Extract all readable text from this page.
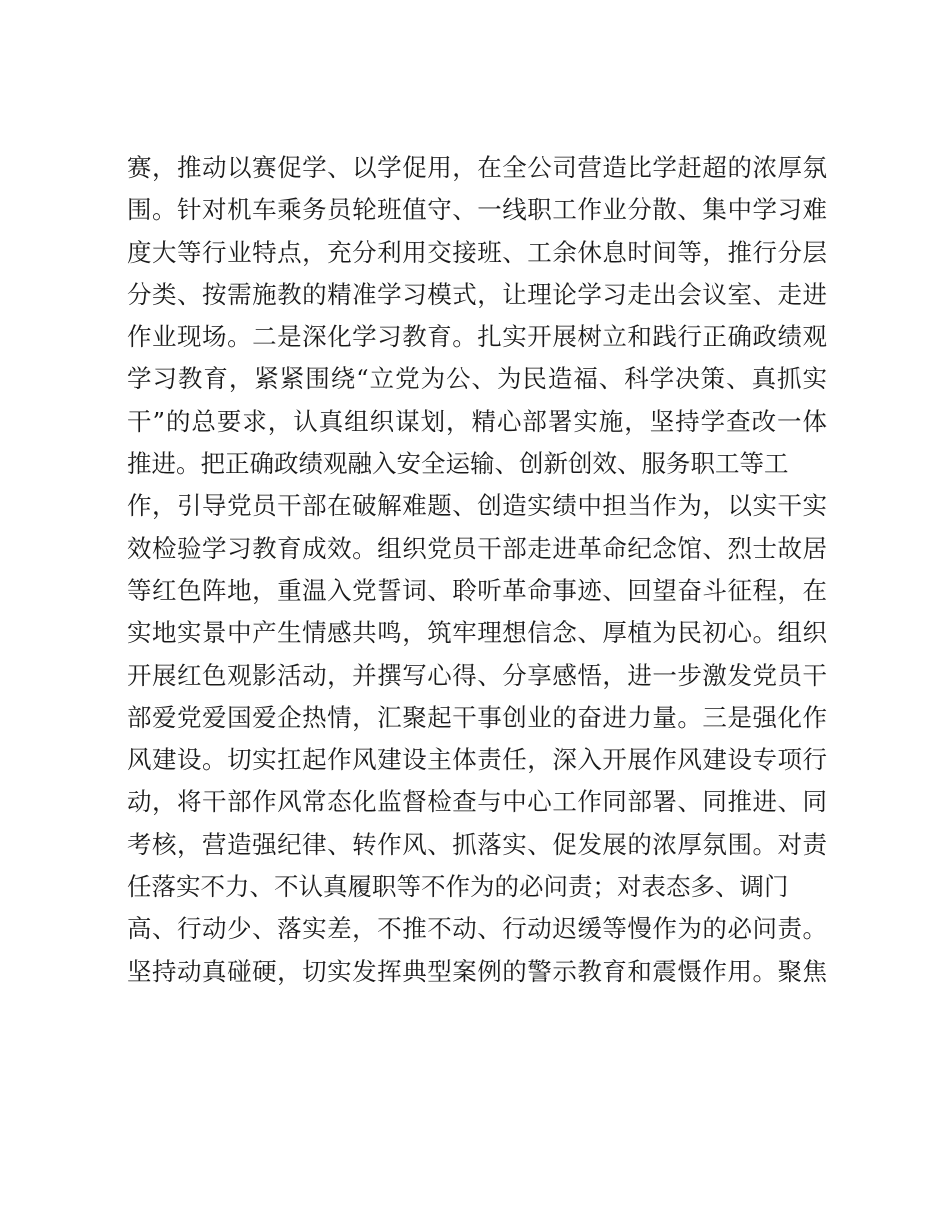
赛，推动以赛促学、以学促用，在全公司营造比学赶超的浓厚氛
围。针对机车乘务员轮班值守、一线职工作业分散、集中学习难
度大等行业特点，充分利用交接班、工余休息时间等，推行分层
分类、按需施教的精准学习模式，让理论学习走出会议室、走进
作业现场。二是深化学习教育。扎实开展树立和践行正确政绩观
学习教育，紧紧围绕“立党为公、为民造福、科学决策、真抓实
干”的总要求，认真组织谋划，精心部署实施，坚持学查改一体
推进。把正确政绩观融入安全运输、创新创效、服务职工等工
作，引导党员干部在破解难题、创造实绩中担当作为，以实干实
效检验学习教育成效。组织党员干部走进革命纪念馆、烈士故居
等红色阵地，重温入党誓词、聆听革命事迹、回望奋斗征程，在
实地实景中产生情感共鸣，筑牢理想信念、厚植为民初心。组织
开展红色观影活动，并撰写心得、分享感悟，进一步激发党员干
部爱党爱国爱企热情，汇聚起干事创业的奋进力量。三是强化作
风建设。切实扛起作风建设主体责任，深入开展作风建设专项行
动，将干部作风常态化监督检查与中心工作同部署、同推进、同
考核，营造强纪律、转作风、抓落实、促发展的浓厚氛围。对责
任落实不力、不认真履职等不作为的必问责；对表态多、调门
高、行动少、落实差，不推不动、行动迟缓等慢作为的必问责。
坚持动真碰硬，切实发挥典型案例的警示教育和震慑作用。聚焦
